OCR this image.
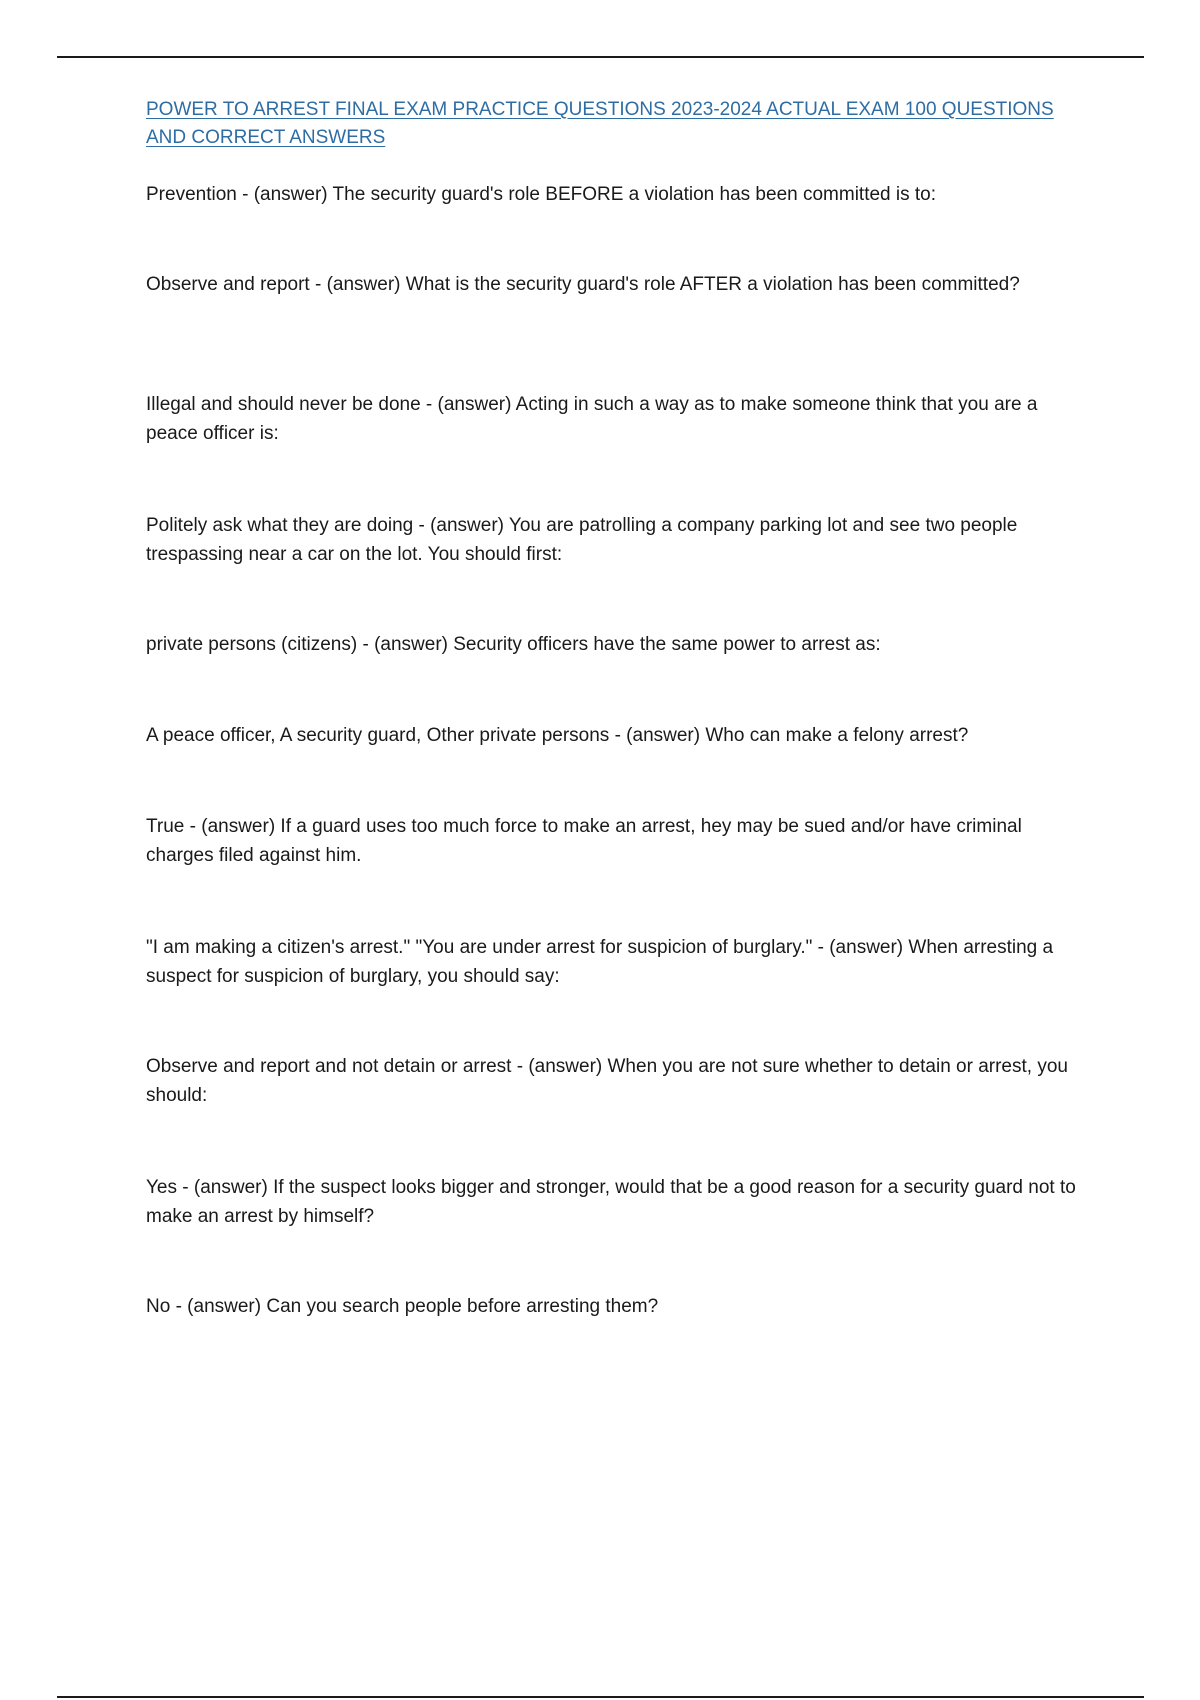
POWER TO ARREST FINAL EXAM PRACTICE QUESTIONS 2023-2024 ACTUAL EXAM 100 QUESTIONS AND CORRECT ANSWERS

Prevention - (answer) The security guard's role BEFORE a violation has been committed is to:

Observe and report - (answer) What is the security guard's role AFTER a violation has been committed?

Illegal and should never be done - (answer) Acting in such a way as to make someone think that you are a peace officer is:

Politely ask what they are doing - (answer) You are patrolling a company parking lot and see two people trespassing near a car on the lot. You should first:

private persons (citizens) - (answer) Security officers have the same power to arrest as:

A peace officer, A security guard, Other private persons - (answer) Who can make a felony arrest?

True - (answer) If a guard uses too much force to make an arrest, hey may be sued and/or have criminal charges filed against him.

"I am making a citizen's arrest." "You are under arrest for suspicion of burglary." - (answer) When arresting a suspect for suspicion of burglary, you should say:

Observe and report and not detain or arrest - (answer) When you are not sure whether to detain or arrest, you should:

Yes - (answer) If the suspect looks bigger and stronger, would that be a good reason for a security guard not to make an arrest by himself?

No - (answer) Can you search people before arresting them?
